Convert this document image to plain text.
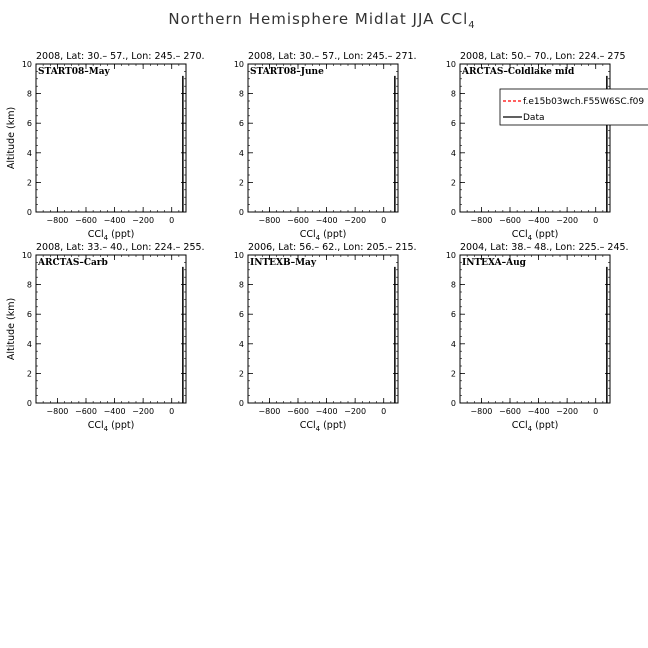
Northern Hemisphere Midlat JJA CCl$_4$
2008, Lat: 30.– 57., Lon: 245.– 270.
−800 −600 −400 −200 0
0
2
4
6
8
10
START08–May
CCl$_4$ (ppt)
Altitude (km)
2008, Lat: 30.– 57., Lon: 245.– 271.
−800 −600 −400 −200 0
0
2
4
6
8
10
START08–June
CCl$_4$ (ppt)
2008, Lat: 50.– 70., Lon: 224.– 275
−800 −600 −400 −200 0
0
2
4
6
8
10
ARCTAS–Coldlake mid
CCl$_4$ (ppt)
f.e15b03wch.F55W6SC.f09
Data
2008, Lat: 33.– 40., Lon: 224.– 255.
−800 −600 −400 −200 0
0
2
4
6
8
10
ARCTAS–Carb
CCl$_4$ (ppt)
Altitude (km)
2006, Lat: 56.– 62., Lon: 205.– 215.
−800 −600 −400 −200 0
0
2
4
6
8
10
INTEXB–May
CCl$_4$ (ppt)
2004, Lat: 38.– 48., Lon: 225.– 245.
−800 −600 −400 −200 0
0
2
4
6
8
10
INTEXA–Aug
CCl$_4$ (ppt)
